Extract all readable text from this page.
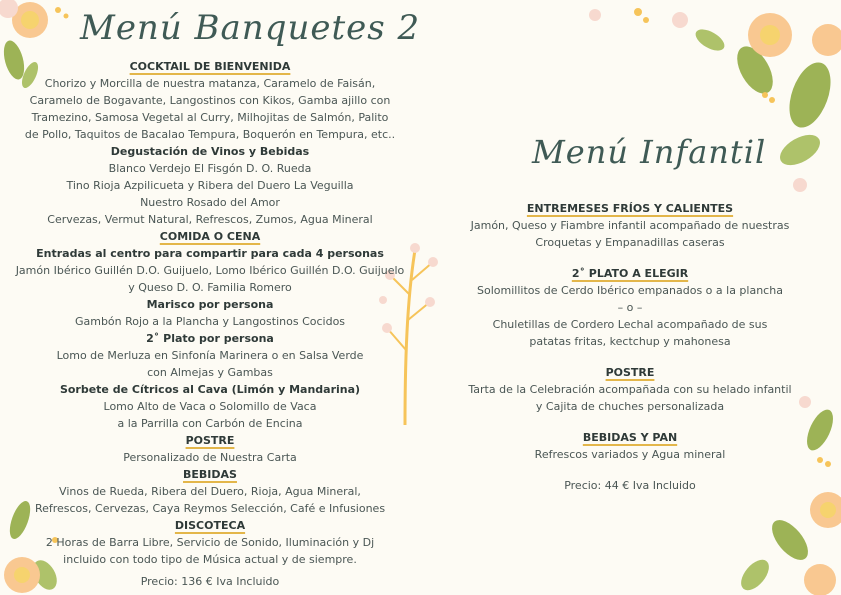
Menú Banquetes 2
COCKTAIL DE BIENVENIDA
Chorizo y Morcilla de nuestra matanza, Caramelo de Faisán,
Caramelo de Bogavante, Langostinos con Kikos, Gamba ajillo con
Tramezino, Samosa Vegetal al Curry, Milhojitas de Salmón, Palito
de Pollo, Taquitos de Bacalao Tempura, Boquerón en Tempura, etc..
Degustación de Vinos y Bebidas
Blanco Verdejo El Fisgón D. O. Rueda
Tino Rioja Azpilicueta y Ribera del Duero La Veguilla
Nuestro Rosado del Amor
Cervezas, Vermut Natural, Refrescos, Zumos, Agua Mineral
COMIDA O CENA
Entradas al centro para compartir para cada 4 personas
Jamón Ibérico Guillén D.O. Guijuelo, Lomo Ibérico Guillén D.O. Guijuelo
y Queso D. O. Familia Romero
Marisco por persona
Gambón Rojo a la Plancha y Langostinos Cocidos
2˚ Plato por persona
Lomo de Merluza en Sinfonía Marinera o en Salsa Verde
con Almejas y Gambas
Sorbete de Cítricos al Cava (Limón y Mandarina)
Lomo Alto de Vaca o Solomillo de Vaca
a la Parrilla con Carbón de Encina
POSTRE
Personalizado de Nuestra Carta
BEBIDAS
Vinos de Rueda, Ribera del Duero, Rioja, Agua Mineral,
Refrescos, Cervezas, Caya Reymos Selección, Café e Infusiones
DISCOTECA
2 Horas de Barra Libre, Servicio de Sonido, Iluminación y Dj
incluido con todo tipo de Música actual y de siempre.
Precio: 136 € Iva Incluido
Menú Infantil
ENTREMESES FRÍOS Y CALIENTES
Jamón, Queso y Fiambre infantil acompañado de nuestras
Croquetas y Empanadillas caseras
2˚ PLATO A ELEGIR
Solomillitos de Cerdo Ibérico empanados o a la plancha
– o –
Chuletillas de Cordero Lechal acompañado de sus
patatas fritas, kectchup y mahonesa
POSTRE
Tarta de la Celebración acompañada con su helado infantil
y Cajita de chuches personalizada
BEBIDAS Y PAN
Refrescos variados y Agua mineral
Precio: 44 € Iva Incluido
